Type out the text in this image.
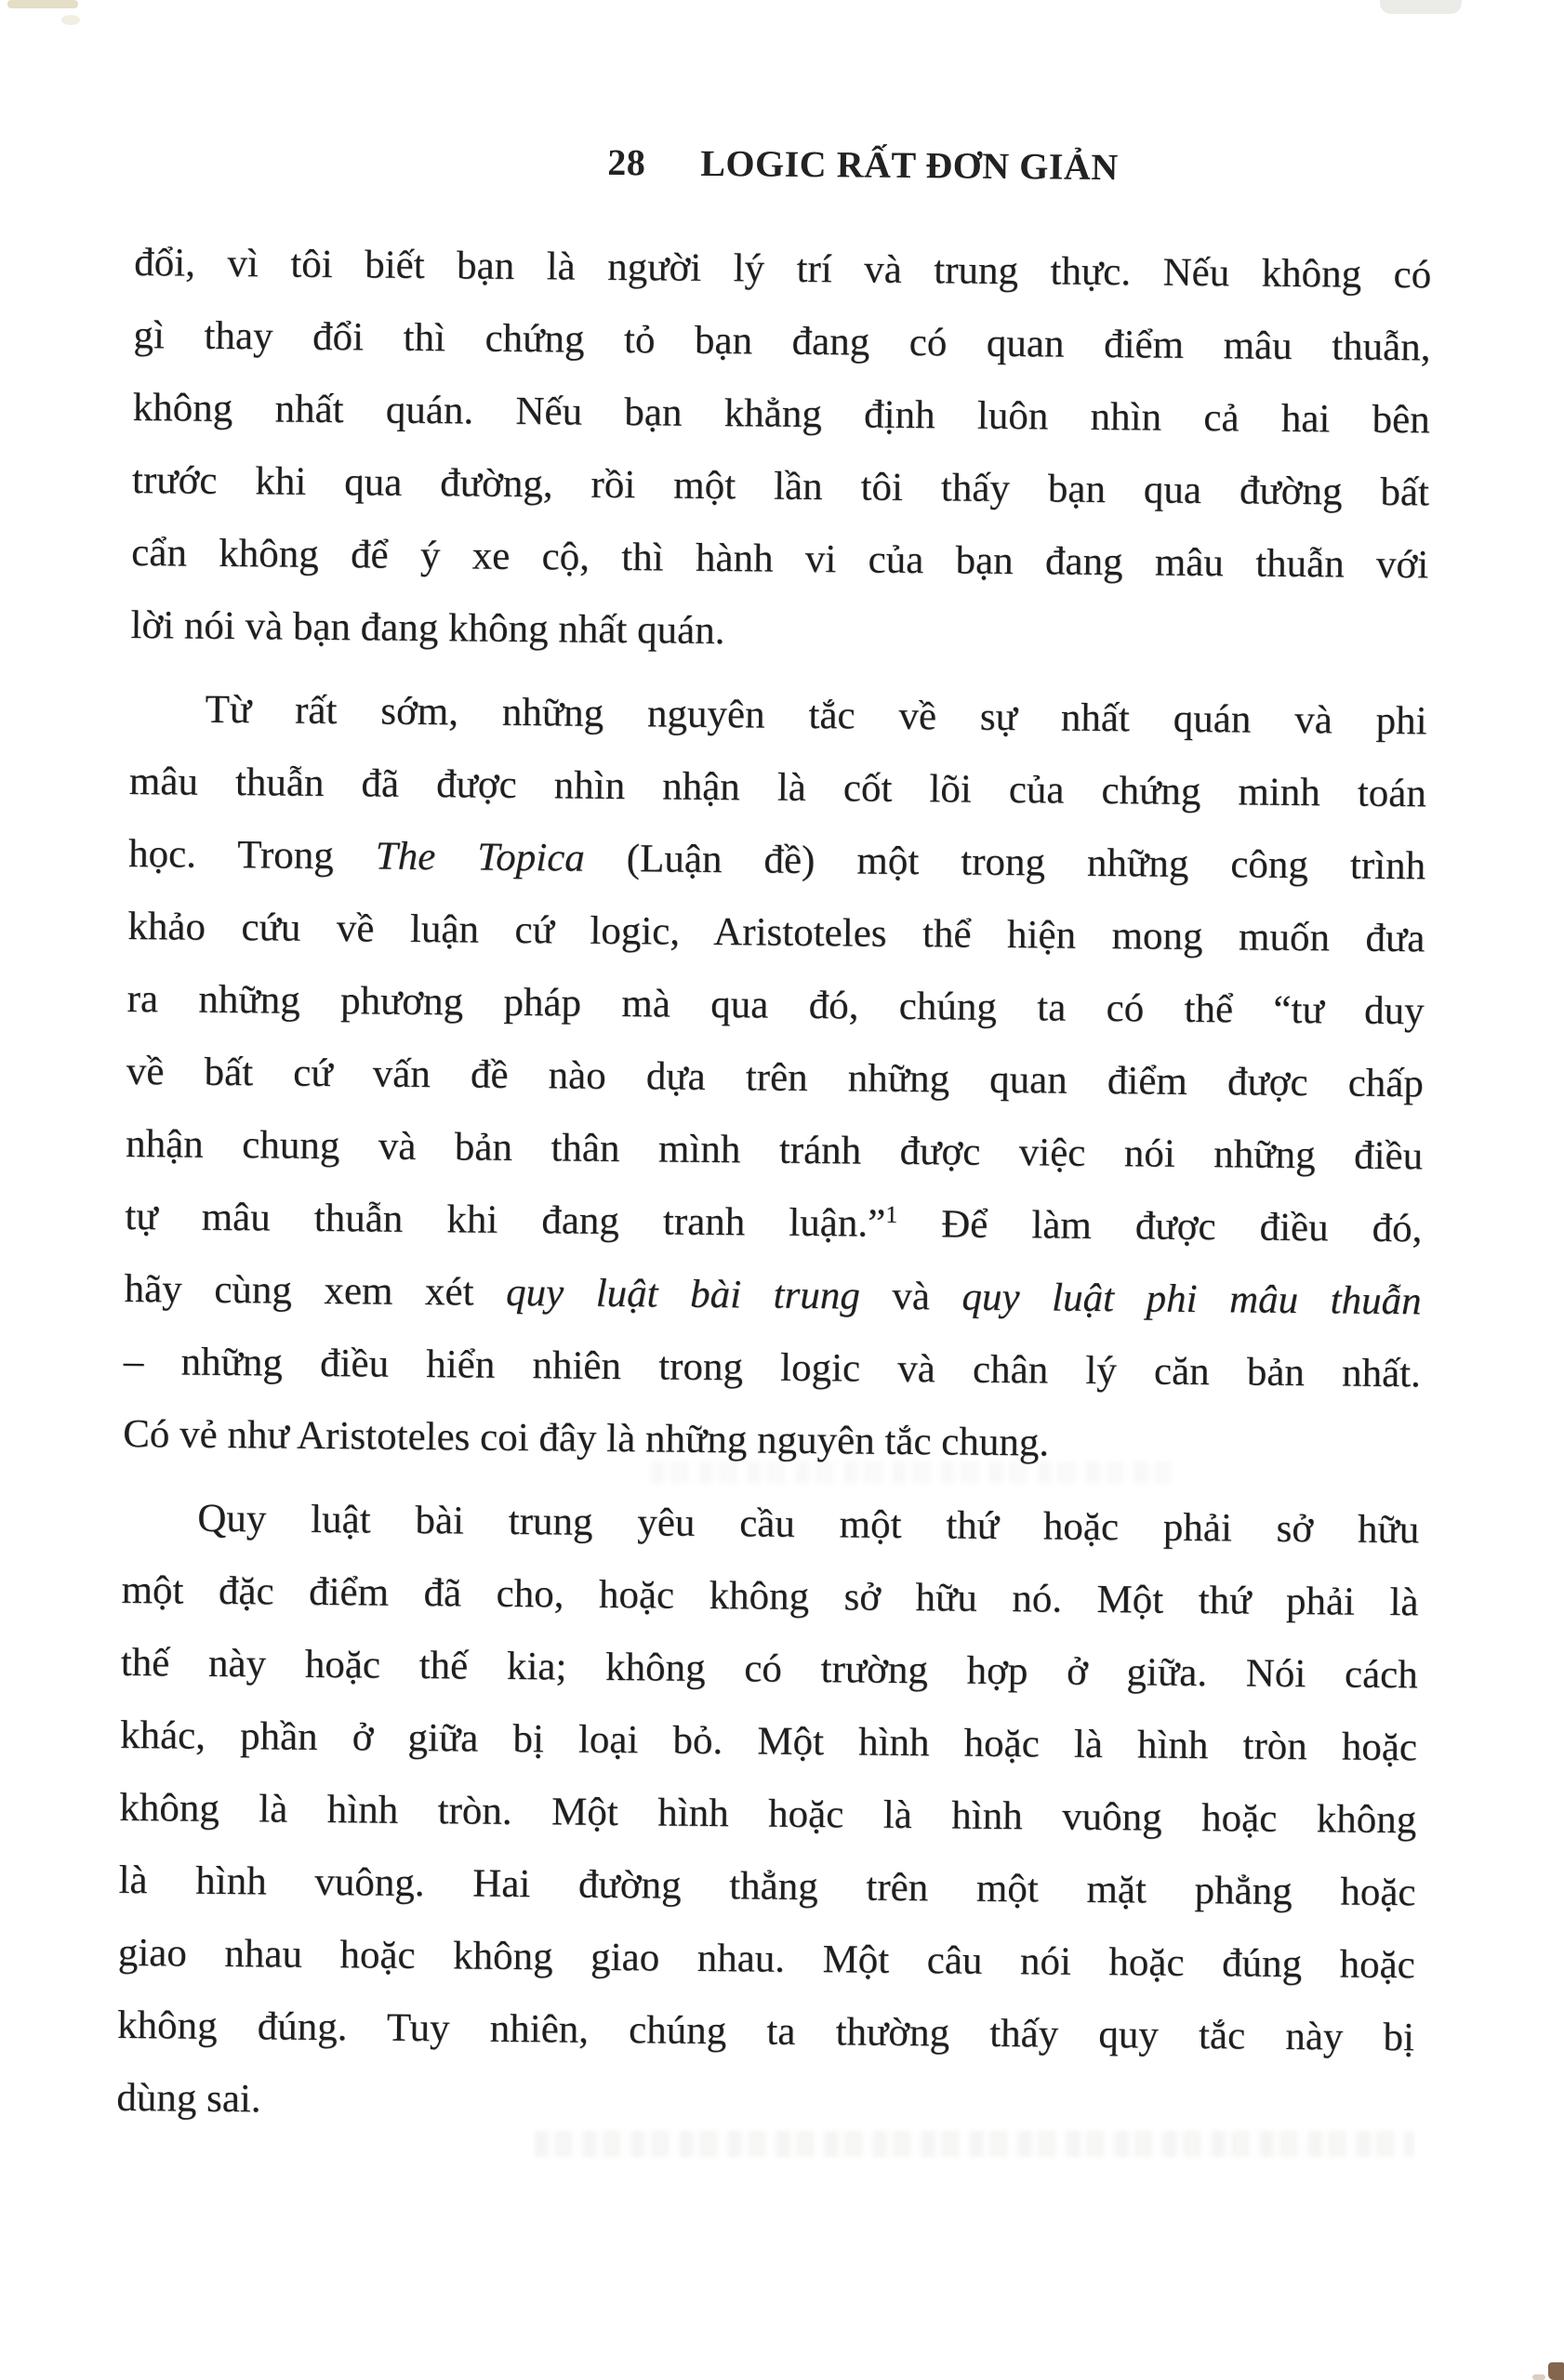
28 LOGIC RẤT ĐƠN GIẢN
đổi, vì tôi biết bạn là người lý trí và trung thực. Nếu không có
gì thay đổi thì chứng tỏ bạn đang có quan điểm mâu thuẫn,
không nhất quán. Nếu bạn khẳng định luôn nhìn cả hai bên
trước khi qua đường, rồi một lần tôi thấy bạn qua đường bất
cẩn không để ý xe cộ, thì hành vi của bạn đang mâu thuẫn với
lời nói và bạn đang không nhất quán.
Từ rất sớm, những nguyên tắc về sự nhất quán và phi
mâu thuẫn đã được nhìn nhận là cốt lõi của chứng minh toán
học. Trong The Topica (Luận đề) một trong những công trình
khảo cứu về luận cứ logic, Aristoteles thể hiện mong muốn đưa
ra những phương pháp mà qua đó, chúng ta có thể “tư duy
về bất cứ vấn đề nào dựa trên những quan điểm được chấp
nhận chung và bản thân mình tránh được việc nói những điều
tự mâu thuẫn khi đang tranh luận.”$^1$ Để làm được điều đó,
hãy cùng xem xét quy luật bài trung và quy luật phi mâu thuẫn
– những điều hiển nhiên trong logic và chân lý căn bản nhất.
Có vẻ như Aristoteles coi đây là những nguyên tắc chung.
Quy luật bài trung yêu cầu một thứ hoặc phải sở hữu
một đặc điểm đã cho, hoặc không sở hữu nó. Một thứ phải là
thế này hoặc thế kia; không có trường hợp ở giữa. Nói cách
khác, phần ở giữa bị loại bỏ. Một hình hoặc là hình tròn hoặc
không là hình tròn. Một hình hoặc là hình vuông hoặc không
là hình vuông. Hai đường thẳng trên một mặt phẳng hoặc
giao nhau hoặc không giao nhau. Một câu nói hoặc đúng hoặc
không đúng. Tuy nhiên, chúng ta thường thấy quy tắc này bị
dùng sai.
